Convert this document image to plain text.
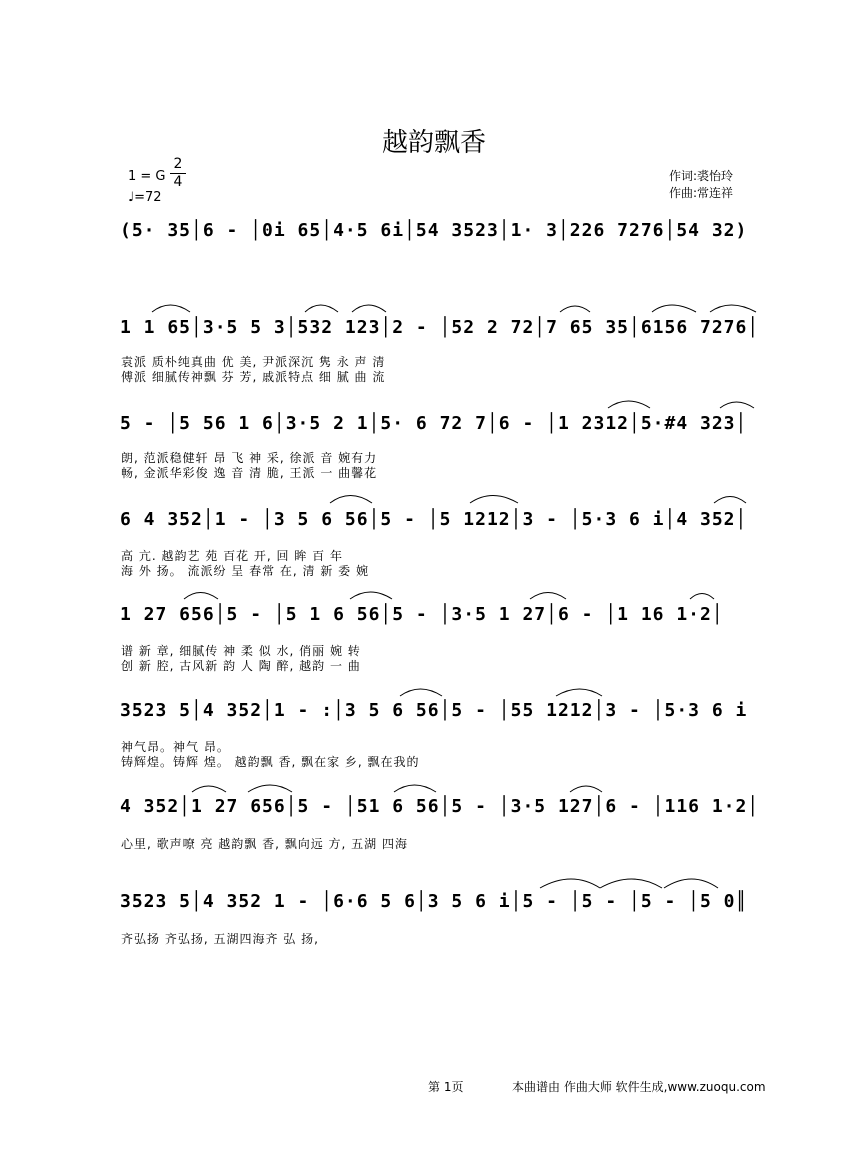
越韵飘香
1 = G
2
4
♩=72
作词:裘怡玲
作曲:常连祥
(5· 35│6 - │0i 65│4·5 6i│54 3523│1· 3│226 7276│54 32)
1 1 65│3·5 5 3│532 123│2 - │52 2 72│7 65 35│6156 7276│
袁派 质朴纯真曲 优 美, 尹派深沉 隽 永 声 清
傅派 细腻传神飘 芬 芳, 戚派特点 细 腻 曲 流
5 - │5 56 1 6│3·5 2 1│5· 6 72 7│6 - │1 2312│5·#4 323│
朗, 范派稳健轩 昂 飞 神 采, 徐派 音 婉有力
畅, 金派华彩俊 逸 音 清 脆, 王派 一 曲馨花
6 4 352│1 - │3 5 6 56│5 - │5 1212│3 - │5·3 6 i│4 352│
高 亢. 越韵艺 苑 百花 开, 回 眸 百 年
海 外 扬。 流派纷 呈 春常 在, 清 新 委 婉
1 27 656│5 - │5 1 6 56│5 - │3·5 1 27│6 - │1 16 1·2│
谱 新 章, 细腻传 神 柔 似 水, 俏丽 婉 转
创 新 腔, 古风新 韵 人 陶 醉, 越韵 一 曲
3523 5│4 352│1 - :│3 5 6 56│5 - │55 1212│3 - │5·3 6 i
神气昂。神气 昂。
铸辉煌。铸辉 煌。 越韵飘 香, 飘在家 乡, 飘在我的
4 352│1 27 656│5 - │51 6 56│5 - │3·5 127│6 - │116 1·2│
心里, 歌声嘹 亮 越韵飘 香, 飘向远 方, 五湖 四海
3523 5│4 352 1 - │6·6 5 6│3 5 6 i│5 - │5 - │5 - │5 0║
齐弘扬 齐弘扬, 五湖四海齐 弘 扬,
第 1页	本曲谱由 作曲大师 软件生成,www.zuoqu.com
